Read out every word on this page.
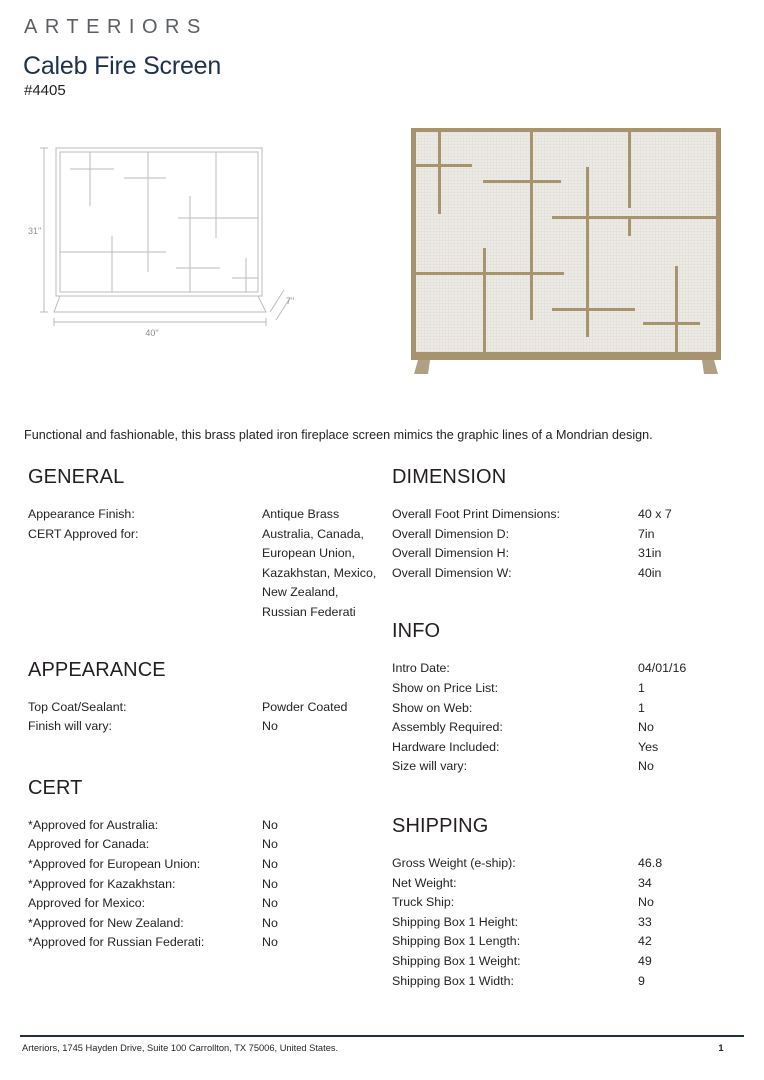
ARTERIORS
Caleb Fire Screen
#4405
31"
40"
7"
Functional and fashionable, this brass plated iron fireplace screen mimics the graphic lines of a Mondrian design.
GENERAL
Appearance Finish:	Antique Brass
CERT Approved for:	Australia, Canada, European Union, Kazakhstan, Mexico, New Zealand, Russian Federati
APPEARANCE
Top Coat/Sealant:	Powder Coated
Finish will vary:	No
CERT
*Approved for Australia:	No
Approved for Canada:	No
*Approved for European Union:	No
*Approved for Kazakhstan:	No
Approved for Mexico:	No
*Approved for New Zealand:	No
*Approved for Russian Federati:	No
DIMENSION
Overall Foot Print Dimensions:	40 x 7
Overall Dimension D:	7in
Overall Dimension H:	31in
Overall Dimension W:	40in
INFO
Intro Date:	04/01/16
Show on Price List:	1
Show on Web:	1
Assembly Required:	No
Hardware Included:	Yes
Size will vary:	No
SHIPPING
Gross Weight (e-ship):	46.8
Net Weight:	34
Truck Ship:	No
Shipping Box 1 Height:	33
Shipping Box 1 Length:	42
Shipping Box 1 Weight:	49
Shipping Box 1 Width:	9
Arteriors, 1745 Hayden Drive, Suite 100 Carrollton, TX 75006, United States.	1
